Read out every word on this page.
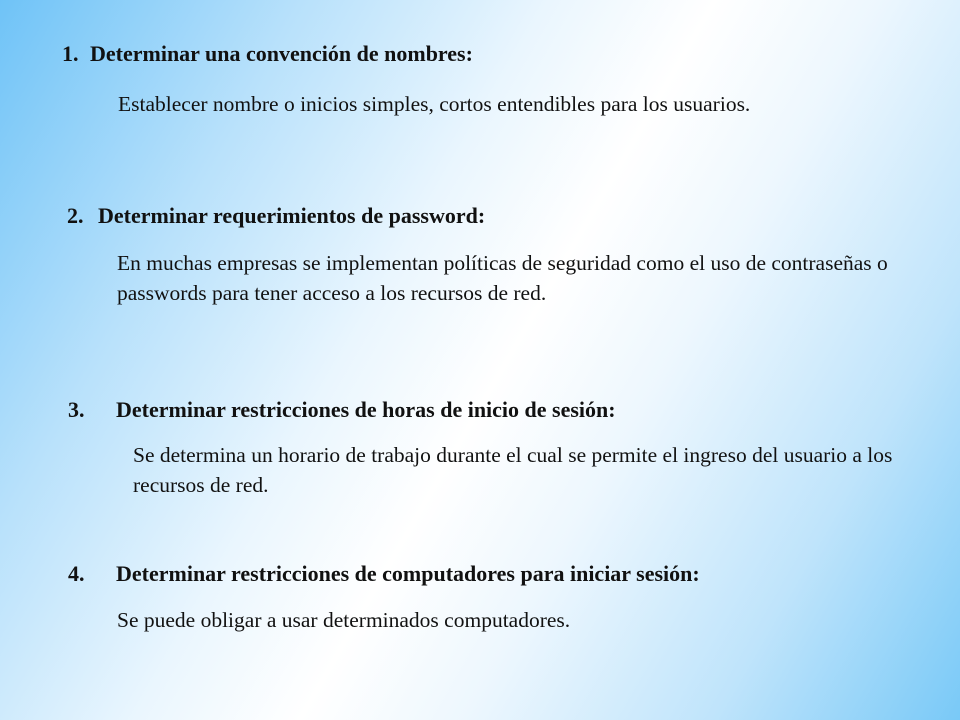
1. Determinar una convención de nombres:
Establecer nombre o inicios simples, cortos entendibles para los usuarios.
2. Determinar requerimientos de password:
En muchas empresas se implementan políticas de seguridad como el uso de contraseñas o passwords para tener acceso a los recursos de red.
3.	Determinar restricciones de horas de inicio de sesión:
Se determina un horario de trabajo durante el cual se permite el ingreso del usuario a los recursos de red.
4.	Determinar restricciones de computadores para iniciar sesión:
Se puede obligar a usar determinados computadores.
